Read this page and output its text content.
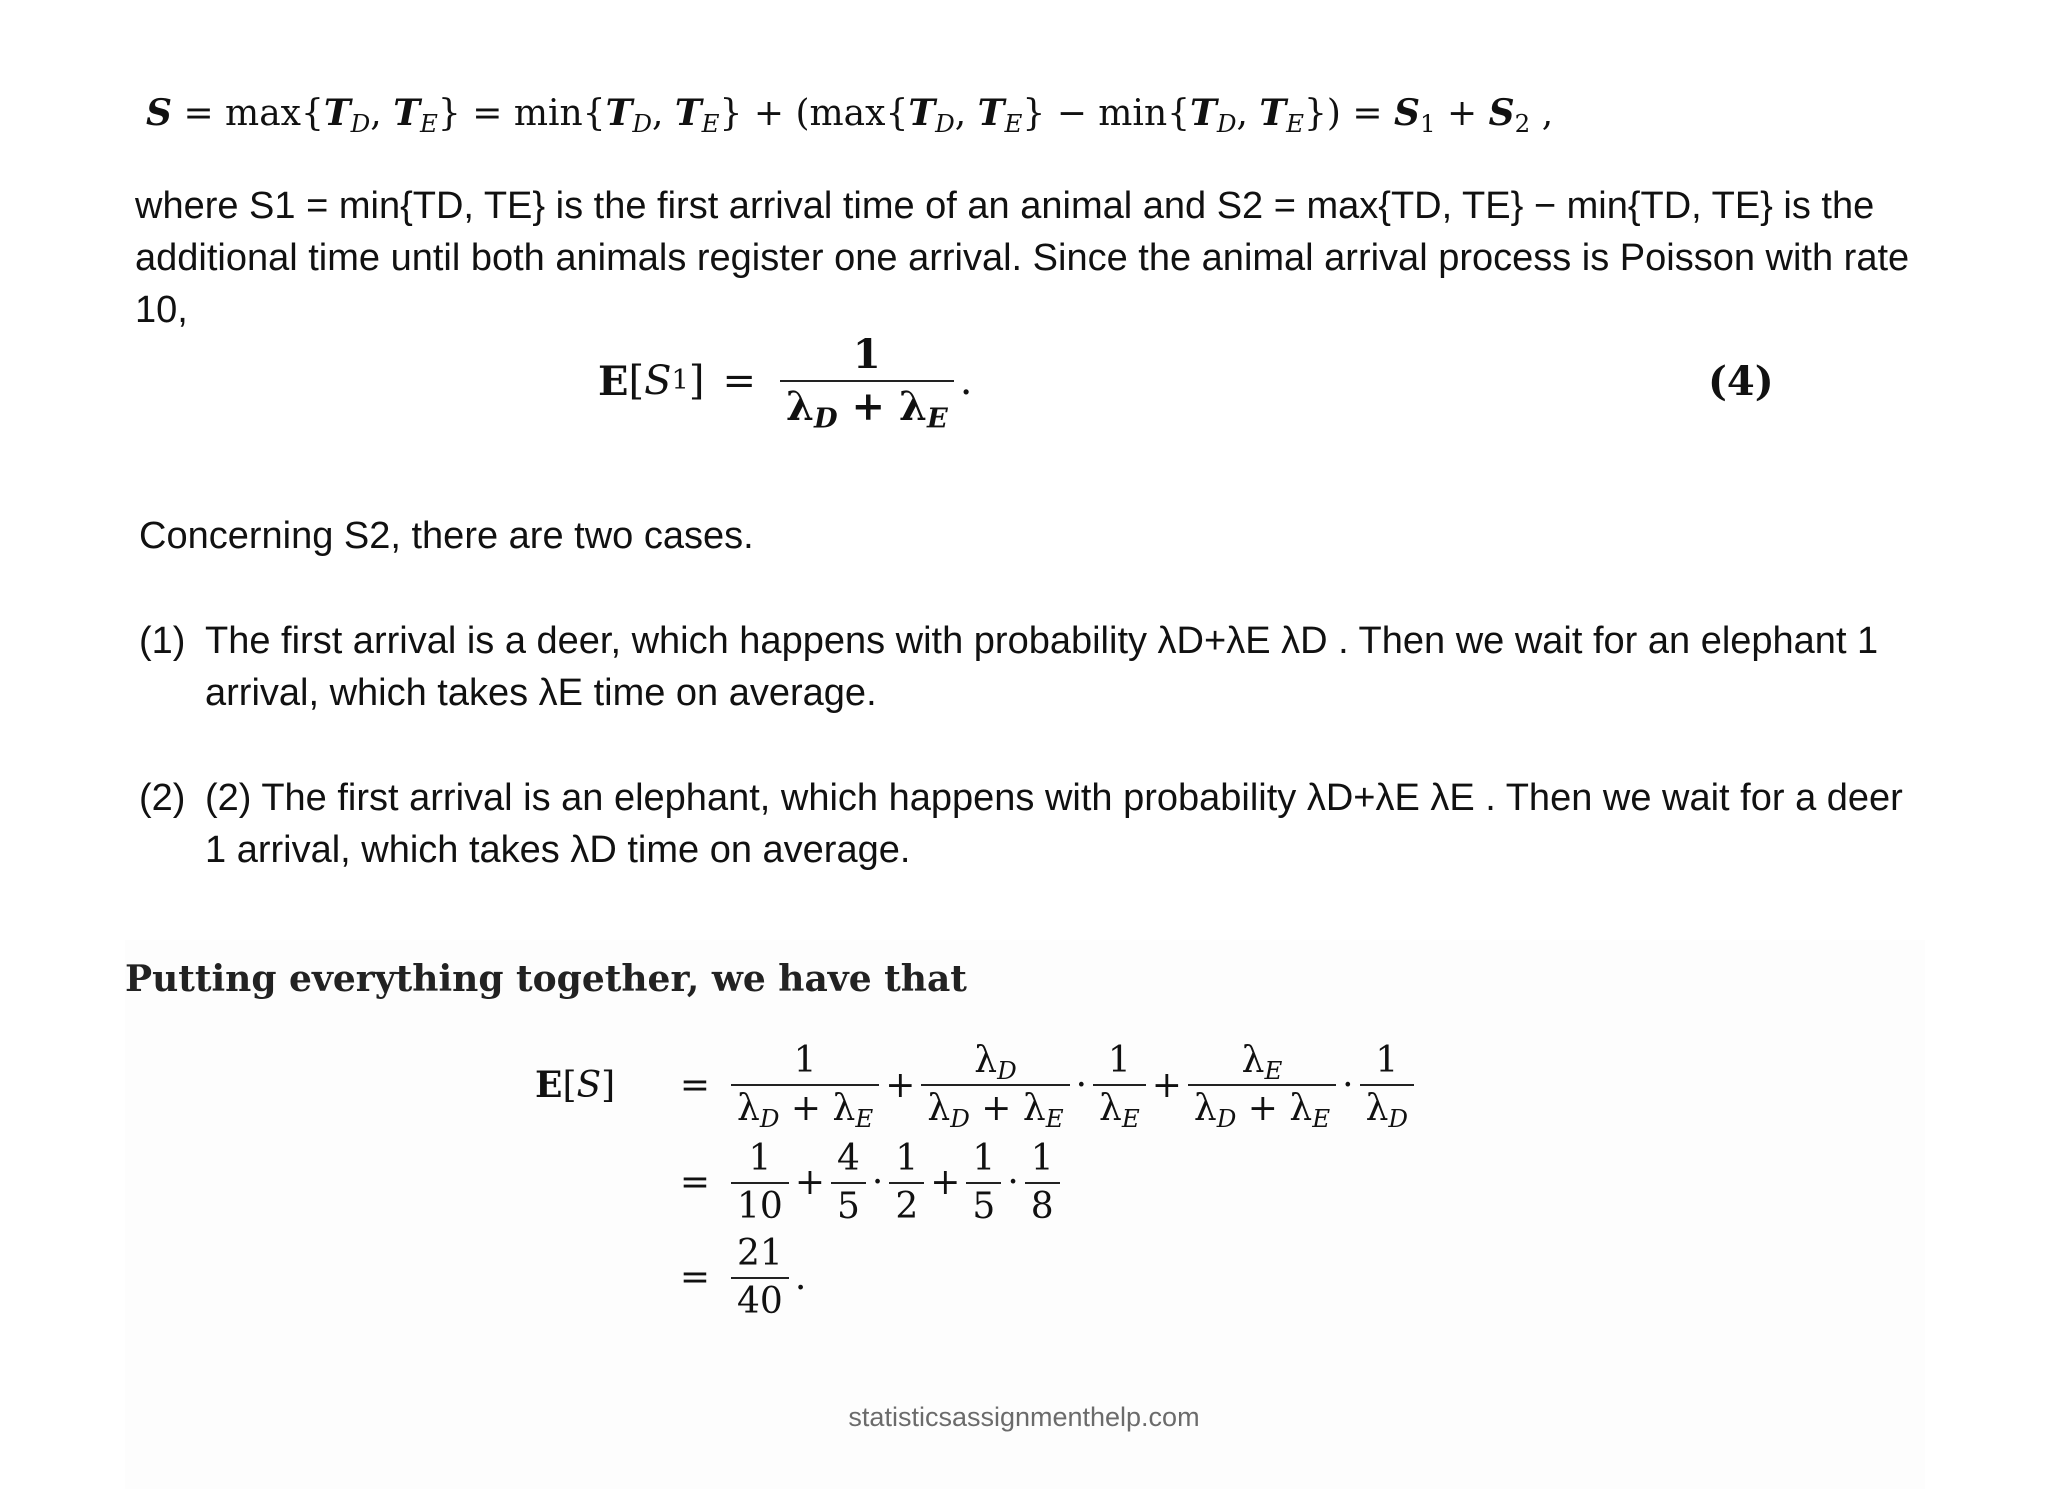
$S = \max\{T_D$, $T_E\} = \min\{T_D$, $T_E\} + (\max\{T_D$, $T_E\} - \min\{T_D$, $T_E\}) = S_1 + S_2$ ,
where S1 = min{TD, TE} is the first arrival time of an animal and S2 = max{TD, TE} − min{TD, TE} is the additional time until both animals register one arrival. Since the animal arrival process is Poisson with rate 10,
E [ S 1 ] = $\frac{1}{\lambda_D + \lambda_E}$ .	(4)
Concerning S2, there are two cases.
(1) The first arrival is a deer, which happens with probability λD+λE λD . Then we wait for an elephant 1 arrival, which takes λE time on average.
(2) (2) The first arrival is an elephant, which happens with probability λD+λE λE . Then we wait for a deer 1 arrival, which takes λD time on average.
Putting everything together, we have that
E[S]	= $\frac{1}{\lambda_D + \lambda_E} + \frac{\lambda_D}{\lambda_D + \lambda_E} \cdot \frac{1}{\lambda_E} + \frac{\lambda_E}{\lambda_D + \lambda_E} \cdot \frac{1}{\lambda_D}$
= $\frac{1}{10} + \frac{4}{5} \cdot \frac{1}{2} + \frac{1}{5} \cdot \frac{1}{8}$
= $\frac{21}{40}$ .
statisticsassignmenthelp.com
